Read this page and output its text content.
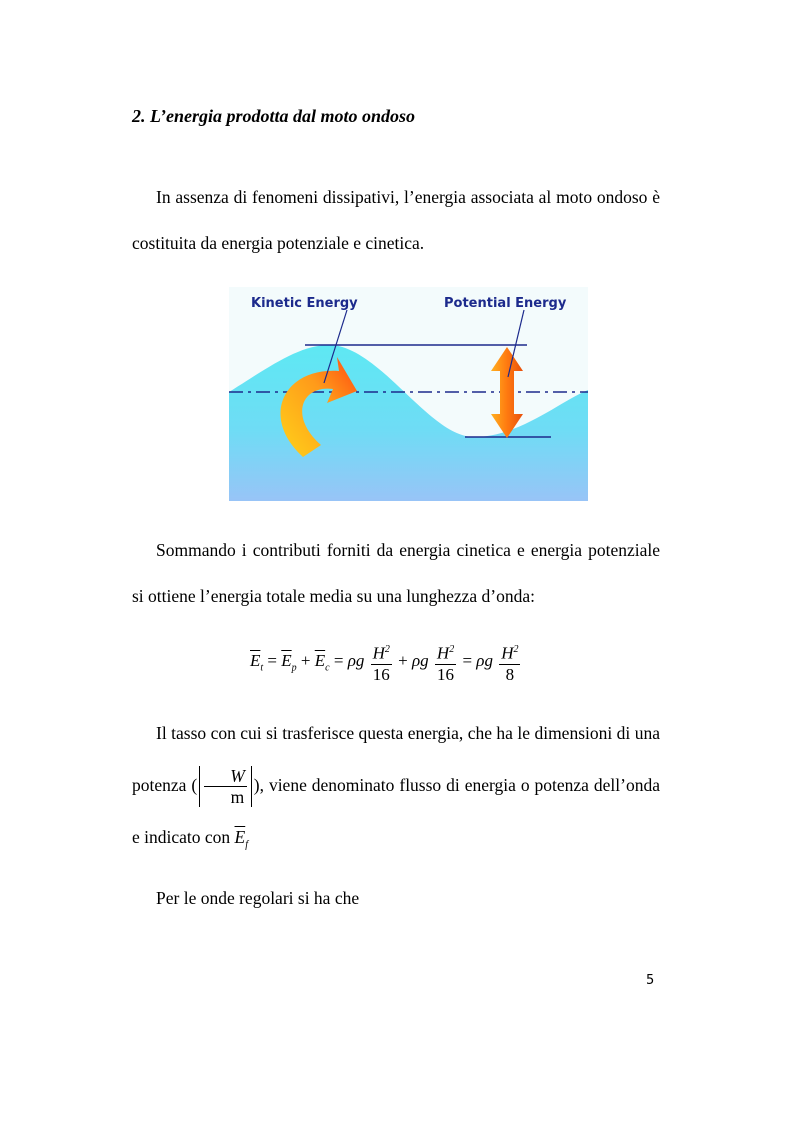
2. L’energia prodotta dal moto ondoso
In assenza di fenomeni dissipativi, l’energia associata al moto ondoso è costituita da energia potenziale e cinetica.
Kinetic Energy	Potential Energy
Sommando i contributi forniti da energia cinetica e energia potenziale si ottiene l’energia totale media su una lunghezza d’onda:
$\overline{E}_t = \overline{E}_p + \overline{E}_c = \rho g \frac{H^2}{16} + \rho g \frac{H^2}{16} = \rho g \frac{H^2}{8}$
Il tasso con cui si trasferisce questa energia, che ha le dimensioni di una potenza ( $\frac{W}{m}$ ), viene denominato flusso di energia o potenza dell’onda e indicato con $\overline{E}_f$
Per le onde regolari si ha che
5
